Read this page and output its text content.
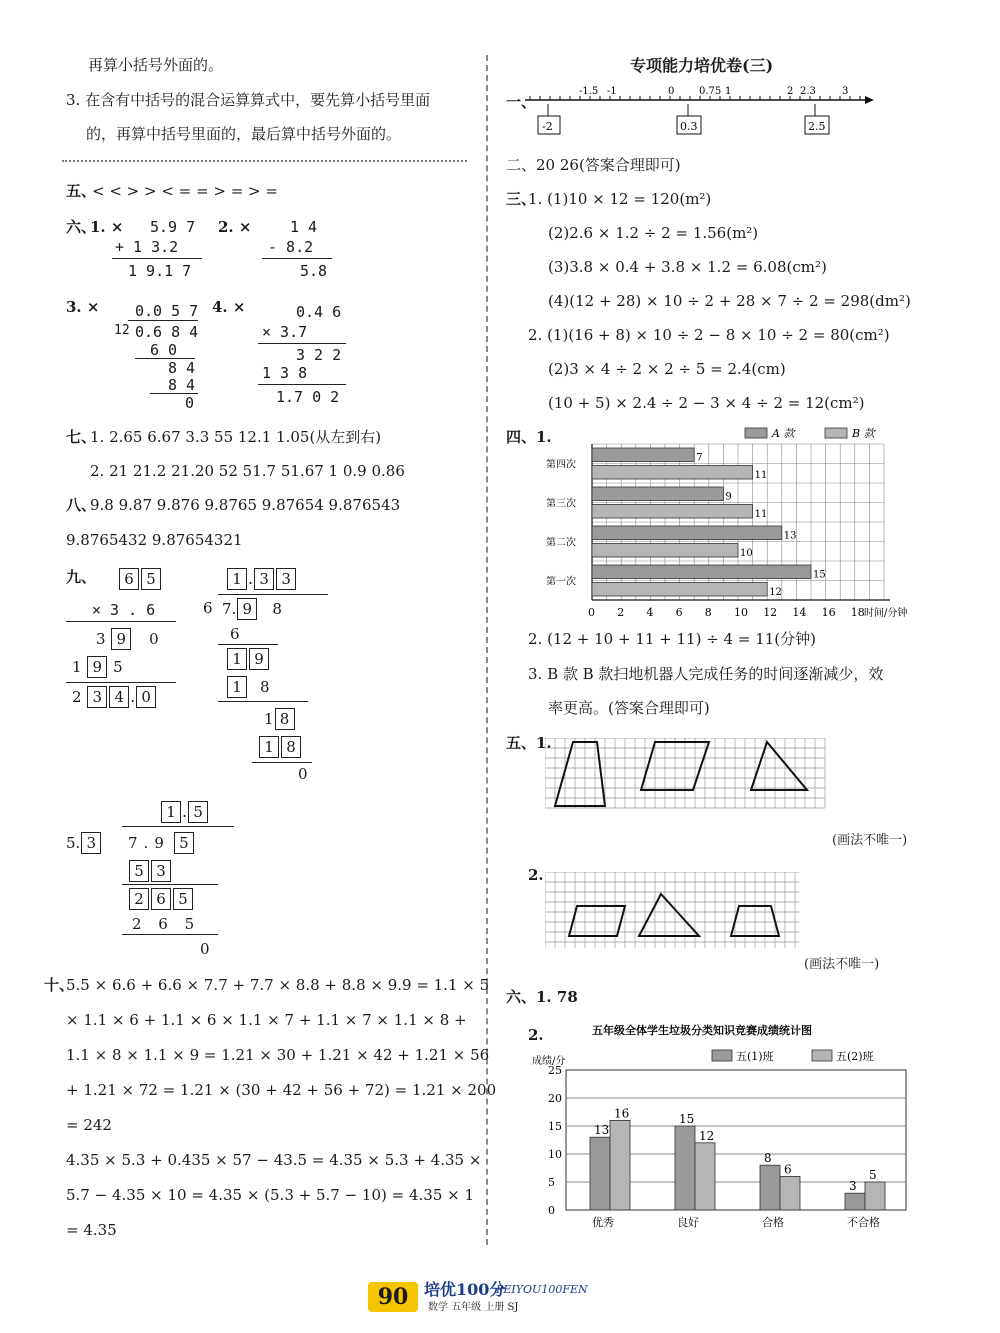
再算小括号外面的。
3. 在含有中括号的混合运算算式中，要先算小括号里面
的，再算中括号里面的，最后算中括号外面的。
五、
< < > > < = = > = > =
六、
1. × 5.9 7
+ 1 3.2
1 9.1 7
2. ×	1 4
- 8.2
5.8
3. × 0.0 5 7
12 0.6 8 4
6 0
8 4
8 4
0
4. ×	0.4 6
× 3.7
3 2 2
1 3 8
1.7 0 2
七、
1. 2.65 6.67 3.3 55 12.1 1.05(从左到右)
2. 21 21.2 21.20 52 51.7 51.67 1 0.9 0.86
八、
9.8 9.87 9.876 9.8765 9.87654 9.876543
9.8765432 9.87654321
九、	6 5
× 3 . 6
3 9 0
1 9 5
2 3 4 . 0
1 . 3 3
6 7. 9 8
6
1 9
1 8
1 8
1 8
0
1 . 5
5. 3	7 . 9 5
5 3
2 6 5
2 6 5
0
十、
5.5 × 6.6 + 6.6 × 7.7 + 7.7 × 8.8 + 8.8 × 9.9 = 1.1 × 5
× 1.1 × 6 + 1.1 × 6 × 1.1 × 7 + 1.1 × 7 × 1.1 × 8 +
1.1 × 8 × 1.1 × 9 = 1.21 × 30 + 1.21 × 42 + 1.21 × 56
+ 1.21 × 72 = 1.21 × (30 + 42 + 56 + 72) = 1.21 × 200
= 242
4.35 × 5.3 + 0.435 × 57 − 43.5 = 4.35 × 5.3 + 4.35 ×
5.7 − 4.35 × 10 = 4.35 × (5.3 + 5.7 − 10) = 4.35 × 1
= 4.35
专项能力培优卷(三)
一、
-1.5 -1	0 0.75 1	2 2.3	3
-2	0.3	2.5
二、20 26(答案合理即可)
三、
1. (1)10 × 12 = 120(m²)
(2)2.6 × 1.2 ÷ 2 = 1.56(m²)
(3)3.8 × 0.4 + 3.8 × 1.2 = 6.08(cm²)
(4)(12 + 28) × 10 ÷ 2 + 28 × 7 ÷ 2 = 298(dm²)
2. (1)(16 + 8) × 10 ÷ 2 − 8 × 10 ÷ 2 = 80(cm²)
(2)3 × 4 ÷ 2 × 2 ÷ 5 = 2.4(cm)
(10 + 5) × 2.4 ÷ 2 − 3 × 4 ÷ 2 = 12(cm²)
四、1.
0 2 4 6 8 10 12 14 16 18 时间/分钟
A 款	B 款
第四次
7
11
第三次
9
11
第二次
13
10
第一次
15
12
2. (12 + 10 + 11 + 11) ÷ 4 = 11(分钟)
3. B 款 B 款扫地机器人完成任务的时间逐渐减少，效
率更高。(答案合理即可)
五、1.
(画法不唯一)
2.
(画法不唯一)
六、1. 78
2.	五年级全体学生垃圾分类知识竞赛成绩统计图
成绩/分	五(1)班	五(2)班
0
5
10
15
20
25
13
16
优秀
15
12
良好
8
6
合格
3
5
不合格
90 培优100分
PEIYOU100FEN
数学 五年级 上册 SJ
